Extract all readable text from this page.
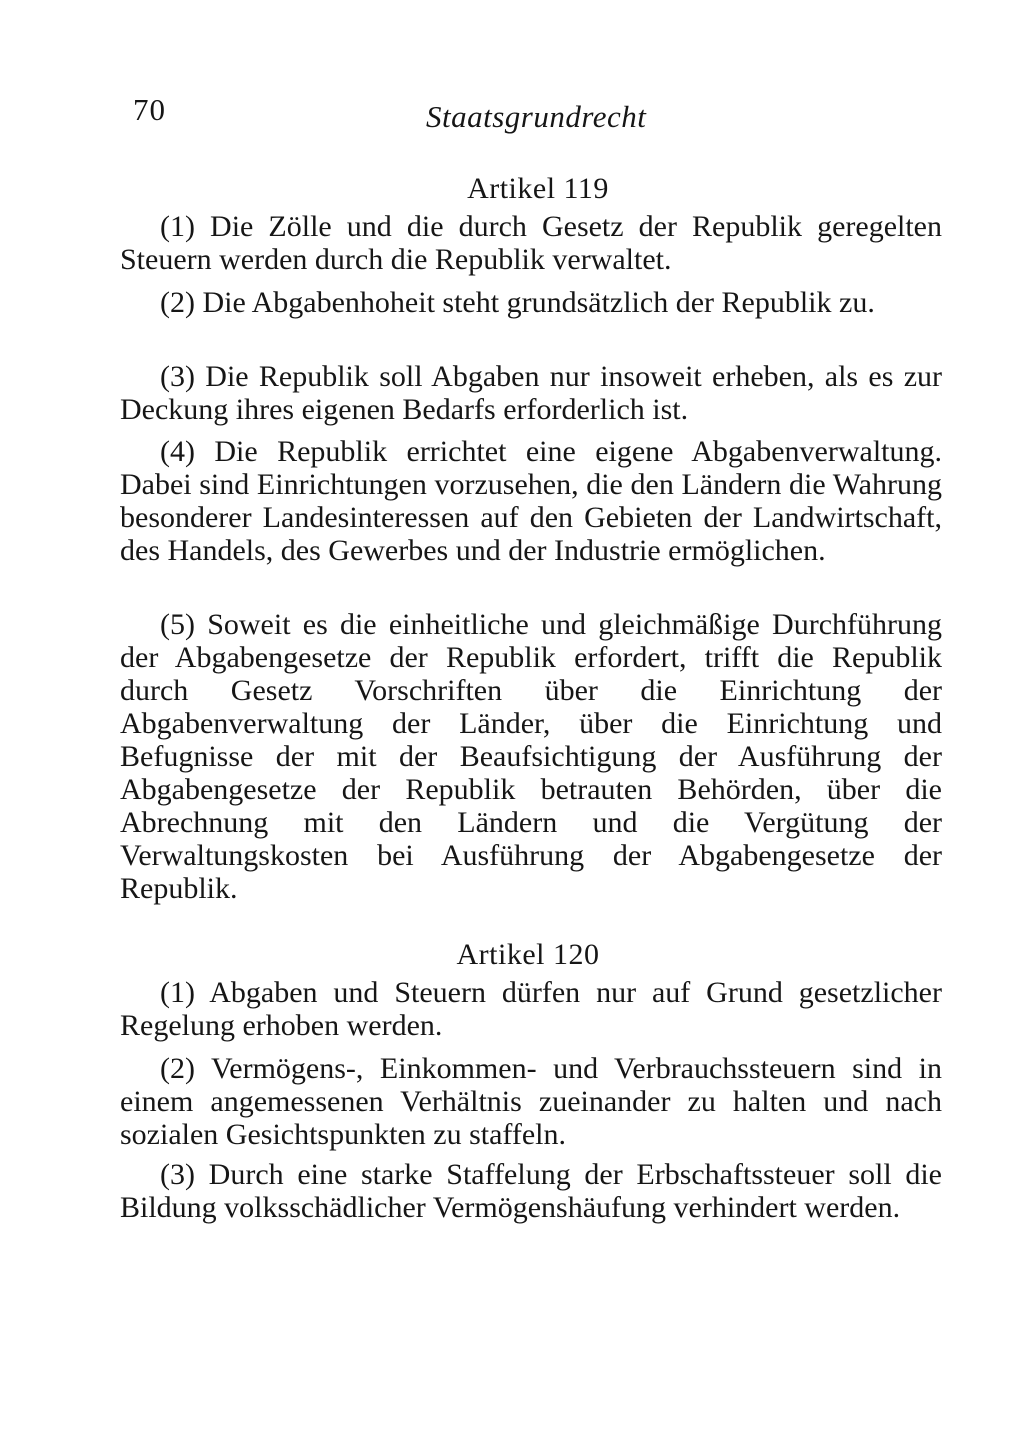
70	Staatsgrundrecht
Artikel 119
(1) Die Zölle und die durch Gesetz der Republik geregelten Steuern werden durch die Republik verwaltet.
(2) Die Abgabenhoheit steht grundsätzlich der Republik zu.
(3) Die Republik soll Abgaben nur insoweit erheben, als es zur Deckung ihres eigenen Bedarfs erforderlich ist.
(4) Die Republik errichtet eine eigene Abgabenverwaltung. Dabei sind Einrichtungen vorzusehen, die den Ländern die Wahrung besonderer Landesinteressen auf den Gebieten der Landwirtschaft, des Handels, des Gewerbes und der Industrie ermöglichen.
(5) Soweit es die einheitliche und gleichmäßige Durchführung der Abgabengesetze der Republik erfordert, trifft die Republik durch Gesetz Vorschriften über die Einrichtung der Abgabenverwaltung der Länder, über die Einrichtung und Befugnisse der mit der Beaufsichtigung der Ausführung der Abgabengesetze der Republik betrauten Behörden, über die Abrechnung mit den Ländern und die Vergütung der Verwaltungskosten bei Ausführung der Abgabengesetze der Republik.
Artikel 120
(1) Abgaben und Steuern dürfen nur auf Grund gesetzlicher Regelung erhoben werden.
(2) Vermögens-, Einkommen- und Verbrauchssteuern sind in einem angemessenen Verhältnis zueinander zu halten und nach sozialen Gesichtspunkten zu staffeln.
(3) Durch eine starke Staffelung der Erbschaftssteuer soll die Bildung volksschädlicher Vermögenshäufung verhindert werden.
